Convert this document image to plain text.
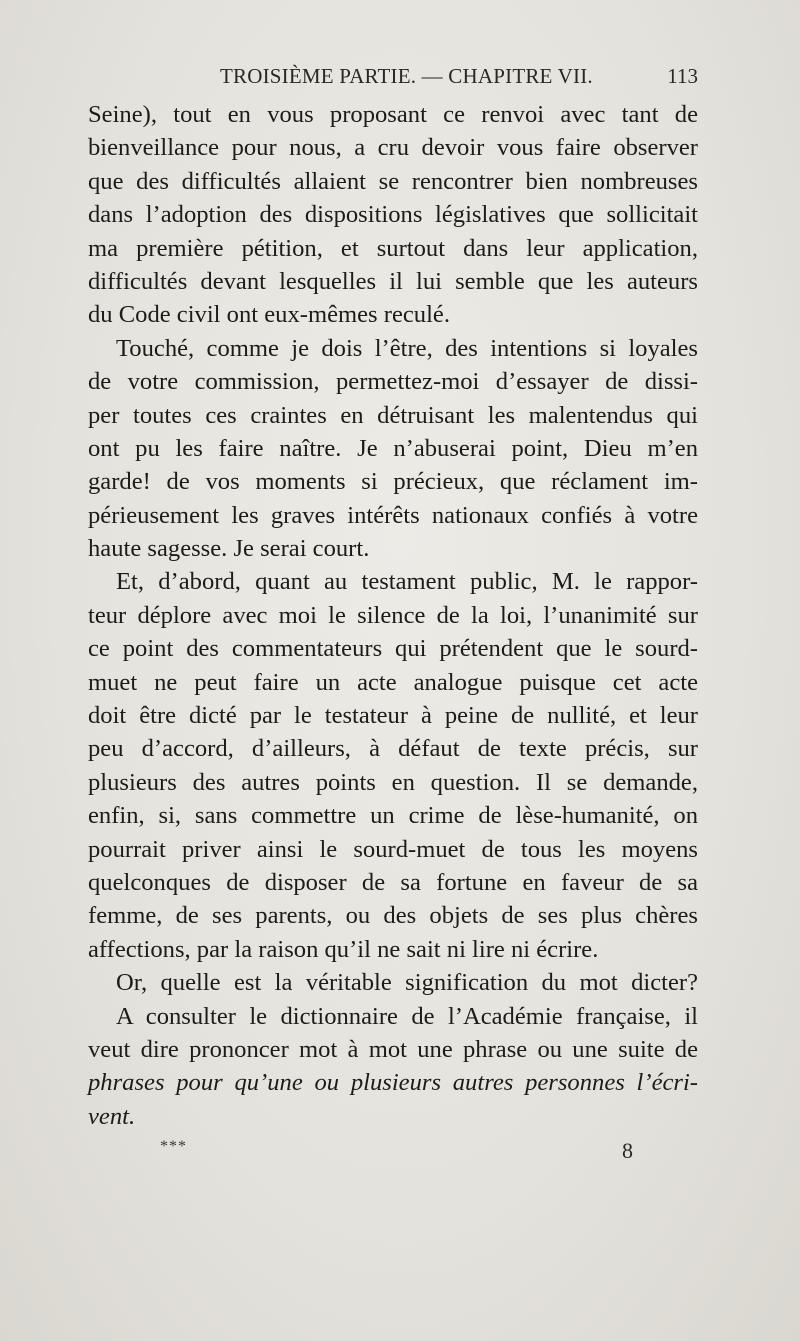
TROISIÈME PARTIE. — CHAPITRE VII.	113
Seine), tout en vous proposant ce renvoi avec tant de
bienveillance pour nous, a cru devoir vous faire observer
que des difficultés allaient se rencontrer bien nombreuses
dans l’adoption des dispositions législatives que sollicitait
ma première pétition, et surtout dans leur application,
difficultés devant lesquelles il lui semble que les auteurs
du Code civil ont eux-mêmes reculé.
Touché, comme je dois l’être, des intentions si loyales
de votre commission, permettez-moi d’essayer de dissi-
per toutes ces craintes en détruisant les malentendus qui
ont pu les faire naître. Je n’abuserai point, Dieu m’en
garde! de vos moments si précieux, que réclament im-
périeusement les graves intérêts nationaux confiés à votre
haute sagesse. Je serai court.
Et, d’abord, quant au testament public, M. le rappor-
teur déplore avec moi le silence de la loi, l’unanimité sur
ce point des commentateurs qui prétendent que le sourd-
muet ne peut faire un acte analogue puisque cet acte
doit être dicté par le testateur à peine de nullité, et leur
peu d’accord, d’ailleurs, à défaut de texte précis, sur
plusieurs des autres points en question. Il se demande,
enfin, si, sans commettre un crime de lèse-humanité, on
pourrait priver ainsi le sourd-muet de tous les moyens
quelconques de disposer de sa fortune en faveur de sa
femme, de ses parents, ou des objets de ses plus chères
affections, par la raison qu’il ne sait ni lire ni écrire.
Or, quelle est la véritable signification du mot dicter?
A consulter le dictionnaire de l’Académie française, il
veut dire prononcer mot à mot une phrase ou une suite de
phrases pour qu’une ou plusieurs autres personnes l’écri-
vent.
***	8
